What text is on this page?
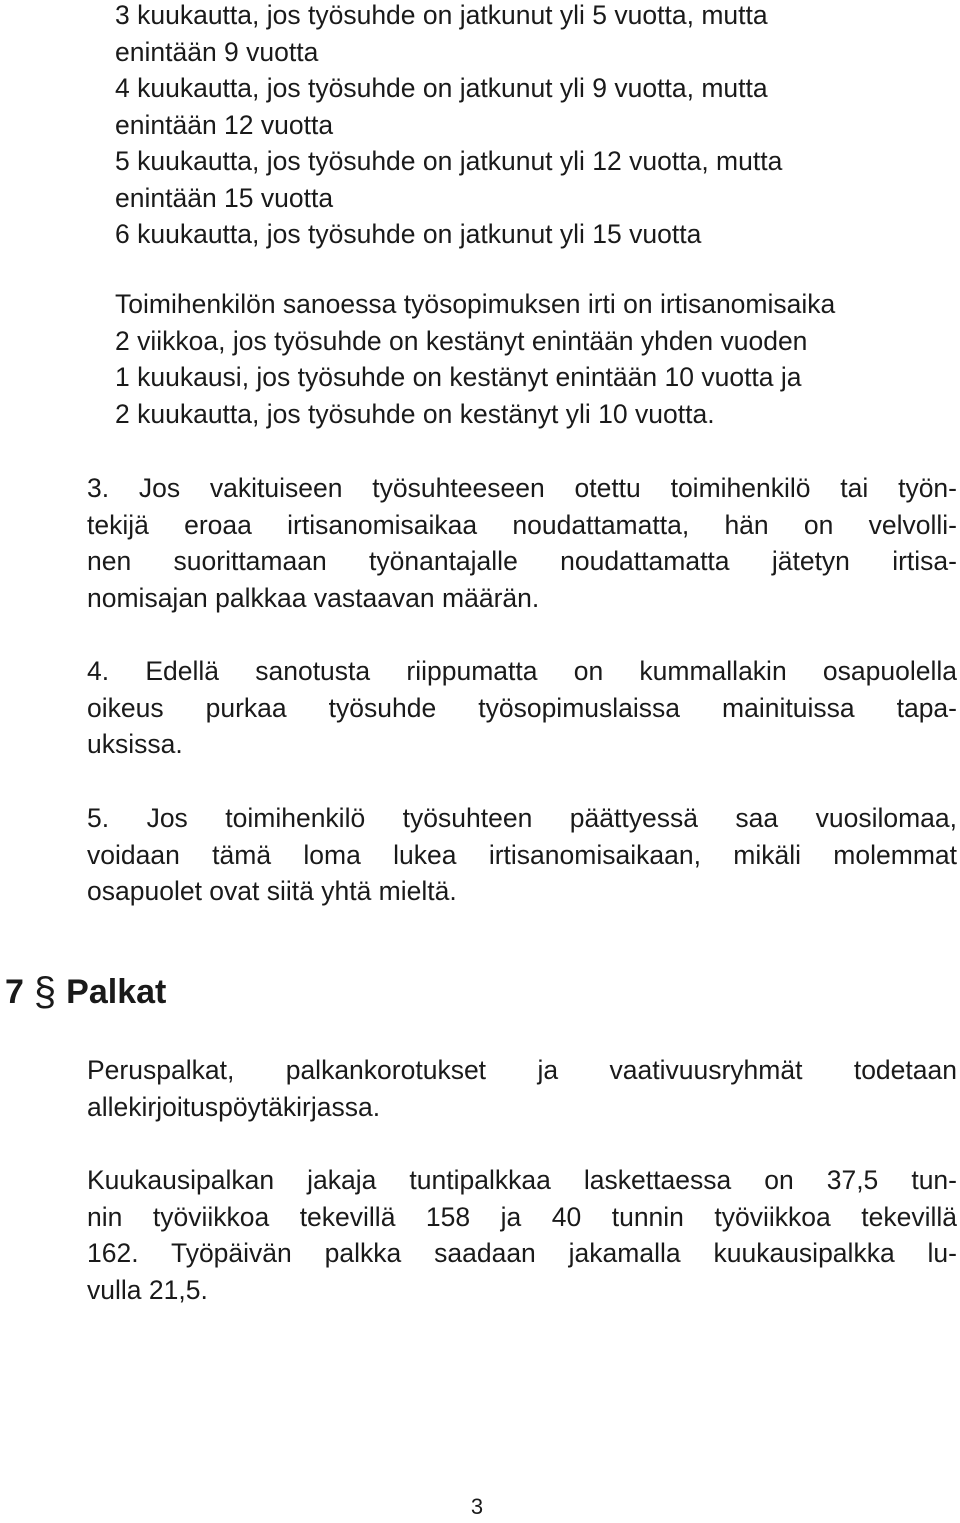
3 kuukautta, jos työsuhde on jatkunut yli 5 vuotta, mutta
enintään 9 vuotta
4 kuukautta, jos työsuhde on jatkunut yli 9 vuotta, mutta
enintään 12 vuotta
5 kuukautta, jos työsuhde on jatkunut yli 12 vuotta, mutta
enintään 15 vuotta
6 kuukautta, jos työsuhde on jatkunut yli 15 vuotta
Toimihenkilön sanoessa työsopimuksen irti on irtisanomisaika
2 viikkoa, jos työsuhde on kestänyt enintään yhden vuoden
1 kuukausi, jos työsuhde on kestänyt enintään 10 vuotta ja
2 kuukautta, jos työsuhde on kestänyt yli 10 vuotta.
3. Jos vakituiseen työsuhteeseen otettu toimihenkilö tai työn-
tekijä eroaa irtisanomisaikaa noudattamatta, hän on velvolli-
nen suorittamaan työnantajalle noudattamatta jätetyn irtisa-
nomisajan palkkaa vastaavan määrän.
4. Edellä sanotusta riippumatta on kummallakin osapuolella
oikeus purkaa työsuhde työsopimuslaissa mainituissa tapa-
uksissa.
5. Jos toimihenkilö työsuhteen päättyessä saa vuosilomaa,
voidaan tämä loma lukea irtisanomisaikaan, mikäli molemmat
osapuolet ovat siitä yhtä mieltä.
7 § Palkat
Peruspalkat, palkankorotukset ja vaativuusryhmät todetaan
allekirjoituspöytäkirjassa.
Kuukausipalkan jakaja tuntipalkkaa laskettaessa on 37,5 tun-
nin työviikkoa tekevillä 158 ja 40 tunnin työviikkoa tekevillä
162. Työpäivän palkka saadaan jakamalla kuukausipalkka lu-
vulla 21,5.
3
